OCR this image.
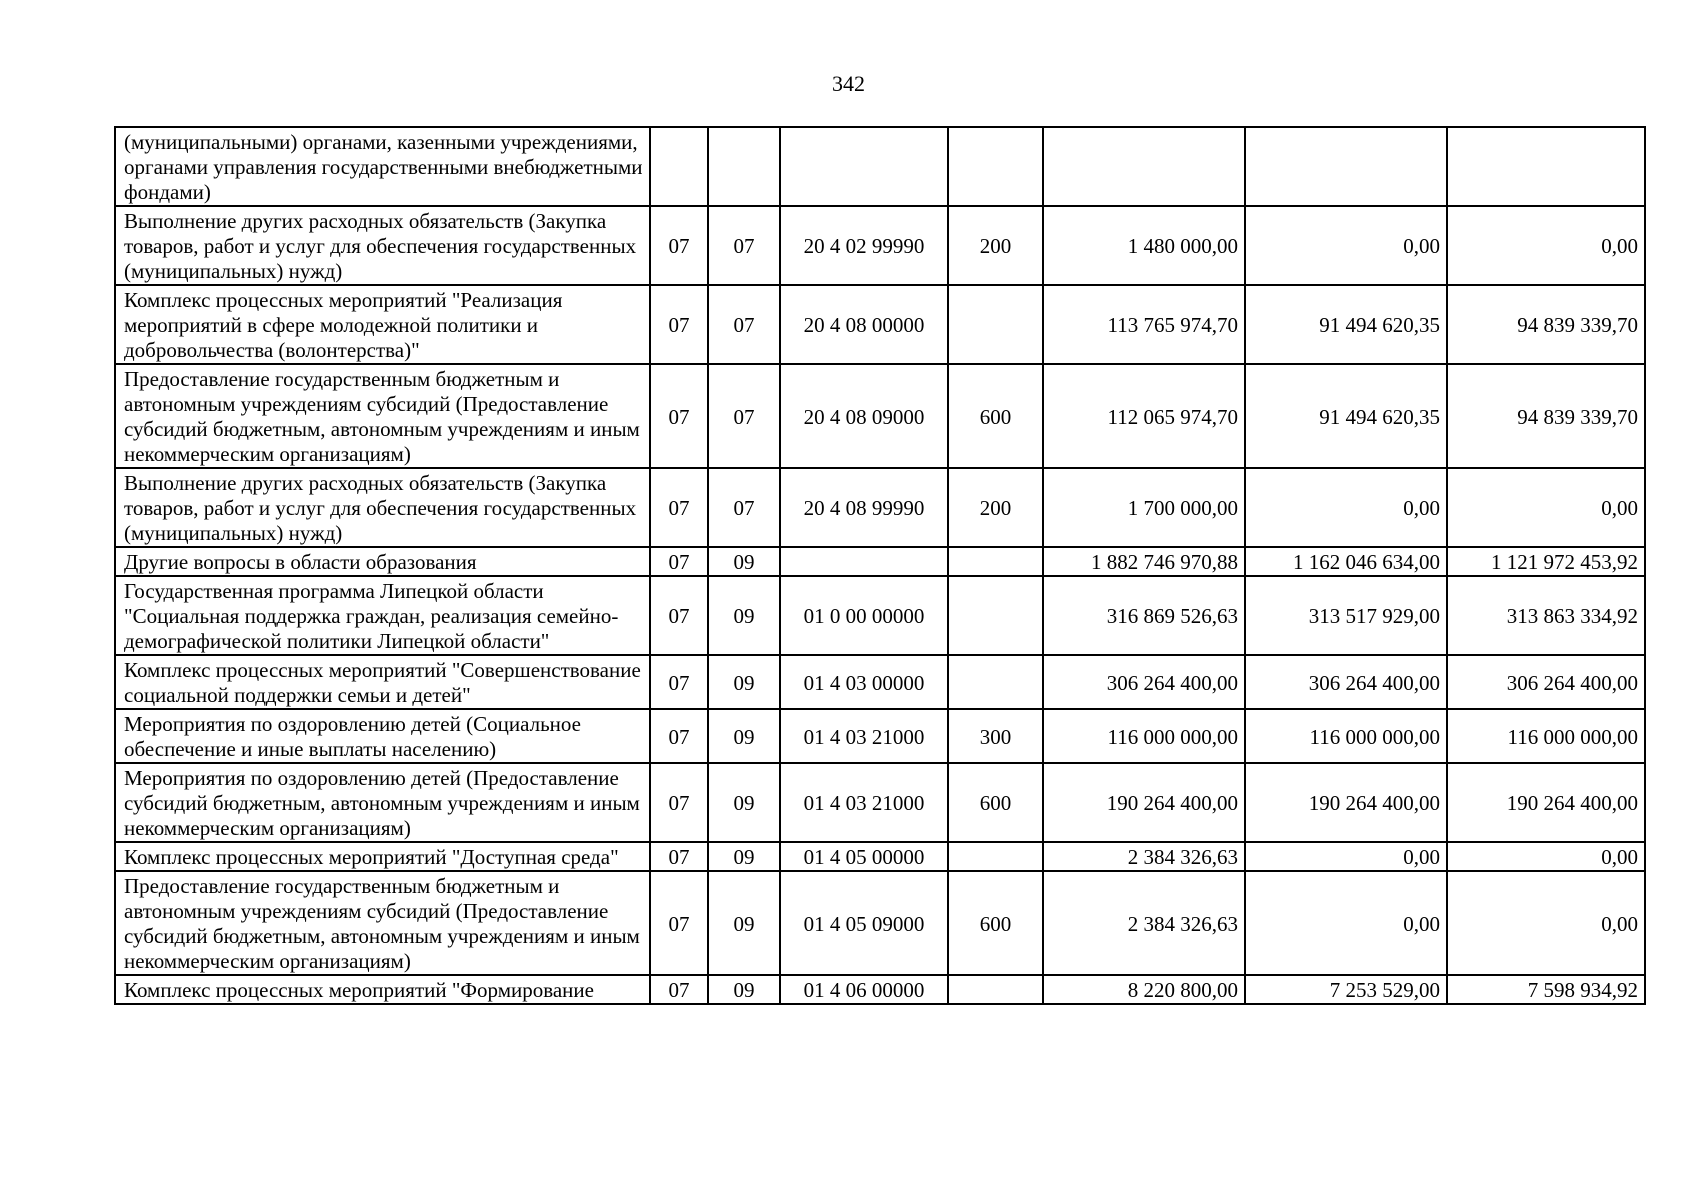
342
(муниципальными) органами, казенными учреждениями, органами управления государственными внебюджетными фондами)							
Выполнение других расходных обязательств (Закупка товаров, работ и услуг для обеспечения государственных (муниципальных) нужд)	07	07	20 4 02 99990	200	1 480 000,00	0,00	0,00
Комплекс процессных мероприятий "Реализация мероприятий в сфере молодежной политики и добровольчества (волонтерства)"	07	07	20 4 08 00000		113 765 974,70	91 494 620,35	94 839 339,70
Предоставление государственным бюджетным и автономным учреждениям субсидий (Предоставление субсидий бюджетным, автономным учреждениям и иным некоммерческим организациям)	07	07	20 4 08 09000	600	112 065 974,70	91 494 620,35	94 839 339,70
Выполнение других расходных обязательств (Закупка товаров, работ и услуг для обеспечения государственных (муниципальных) нужд)	07	07	20 4 08 99990	200	1 700 000,00	0,00	0,00
Другие вопросы в области образования	07	09			1 882 746 970,88	1 162 046 634,00	1 121 972 453,92
Государственная программа Липецкой области "Социальная поддержка граждан, реализация семейно-демографической политики Липецкой области"	07	09	01 0 00 00000		316 869 526,63	313 517 929,00	313 863 334,92
Комплекс процессных мероприятий "Совершенствование социальной поддержки семьи и детей"	07	09	01 4 03 00000		306 264 400,00	306 264 400,00	306 264 400,00
Мероприятия по оздоровлению детей (Социальное обеспечение и иные выплаты населению)	07	09	01 4 03 21000	300	116 000 000,00	116 000 000,00	116 000 000,00
Мероприятия по оздоровлению детей (Предоставление субсидий бюджетным, автономным учреждениям и иным некоммерческим организациям)	07	09	01 4 03 21000	600	190 264 400,00	190 264 400,00	190 264 400,00
Комплекс процессных мероприятий "Доступная среда"	07	09	01 4 05 00000		2 384 326,63	0,00	0,00
Предоставление государственным бюджетным и автономным учреждениям субсидий (Предоставление субсидий бюджетным, автономным учреждениям и иным некоммерческим организациям)	07	09	01 4 05 09000	600	2 384 326,63	0,00	0,00
Комплекс процессных мероприятий "Формирование	07	09	01 4 06 00000		8 220 800,00	7 253 529,00	7 598 934,92
